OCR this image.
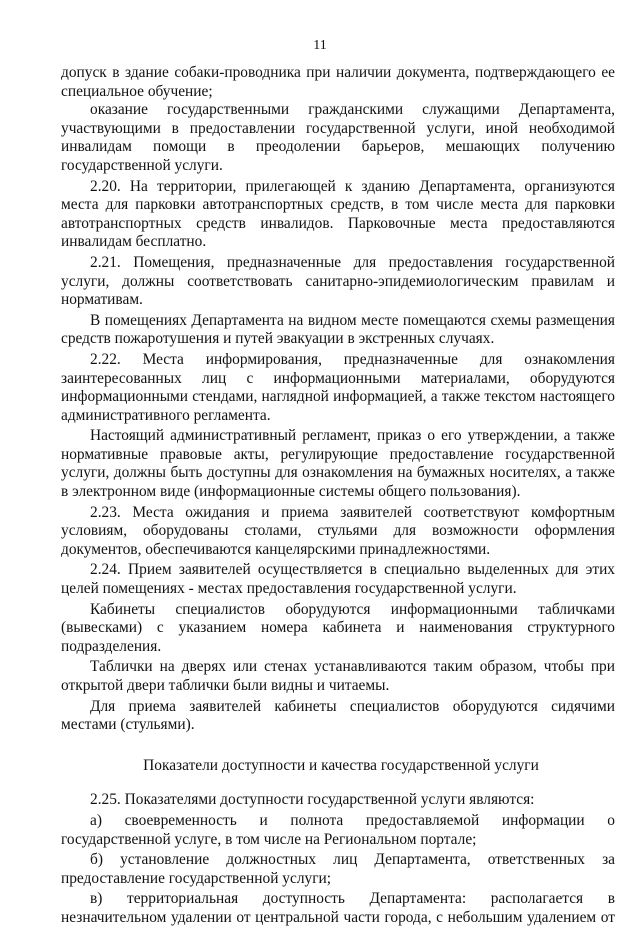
11

допуск в здание собаки-проводника при наличии документа, подтверждающего ее специальное обучение;

оказание государственными гражданскими служащими Департамента, участвующими в предоставлении государственной услуги, иной необходимой инвалидам помощи в преодолении барьеров, мешающих получению государственной услуги.

2.20. На территории, прилегающей к зданию Департамента, организуются места для парковки автотранспортных средств, в том числе места для парковки автотранспортных средств инвалидов. Парковочные места предоставляются инвалидам бесплатно.

2.21. Помещения, предназначенные для предоставления государственной услуги, должны соответствовать санитарно-эпидемиологическим правилам и нормативам.

В помещениях Департамента на видном месте помещаются схемы размещения средств пожаротушения и путей эвакуации в экстренных случаях.

2.22. Места информирования, предназначенные для ознакомления заинтересованных лиц с информационными материалами, оборудуются информационными стендами, наглядной информацией, а также текстом настоящего административного регламента.

Настоящий административный регламент, приказ о его утверждении, а также нормативные правовые акты, регулирующие предоставление государственной услуги, должны быть доступны для ознакомления на бумажных носителях, а также в электронном виде (информационные системы общего пользования).

2.23. Места ожидания и приема заявителей соответствуют комфортным условиям, оборудованы столами, стульями для возможности оформления документов, обеспечиваются канцелярскими принадлежностями.

2.24. Прием заявителей осуществляется в специально выделенных для этих целей помещениях - местах предоставления государственной услуги.

Кабинеты специалистов оборудуются информационными табличками (вывесками) с указанием номера кабинета и наименования структурного подразделения.

Таблички на дверях или стенах устанавливаются таким образом, чтобы при открытой двери таблички были видны и читаемы.

Для приема заявителей кабинеты специалистов оборудуются сидячими местами (стульями).

Показатели доступности и качества государственной услуги

2.25. Показателями доступности государственной услуги являются:

а) своевременность и полнота предоставляемой информации о государственной услуге, в том числе на Региональном портале;

б) установление должностных лиц Департамента, ответственных за предоставление государственной услуги;

в) территориальная доступность Департамента: располагается в незначительном удалении от центральной части города, с небольшим удалением от
